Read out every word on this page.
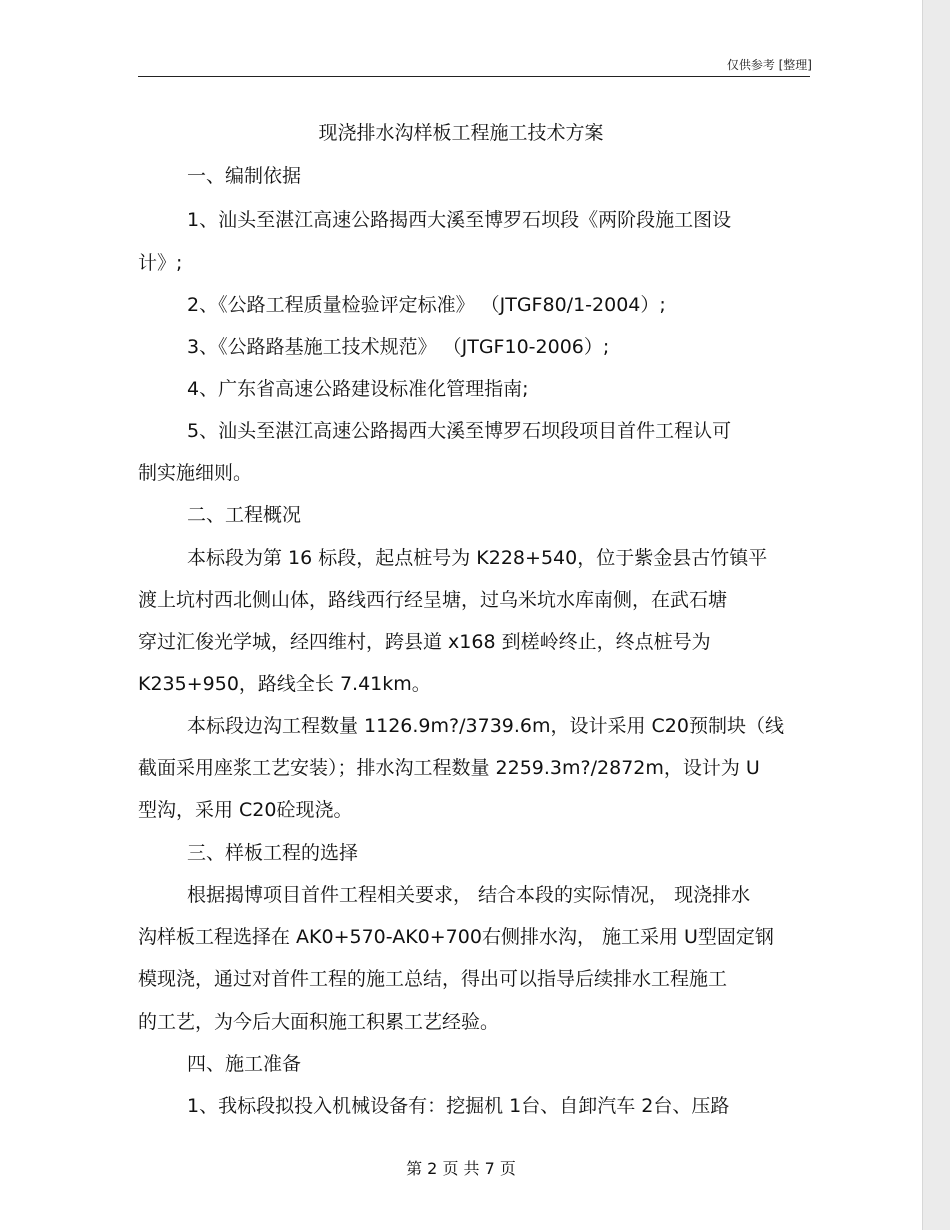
仅供参考 [整理]
现浇排水沟样板工程施工技术方案
一、编制依据
1、汕头至湛江高速公路揭西大溪至博罗石坝段《两阶段施工图设
计》;
2、《公路工程质量检验评定标准》 （JTGF80/1-2004）;
3、《公路路基施工技术规范》 （JTGF10-2006）;
4、广东省高速公路建设标准化管理指南;
5、汕头至湛江高速公路揭西大溪至博罗石坝段项目首件工程认可
制实施细则。
二、工程概况
本标段为第 16 标段，起点桩号为 K228+540，位于紫金县古竹镇平
渡上坑村西北侧山体，路线西行经呈塘，过乌米坑水库南侧，在武石塘
穿过汇俊光学城，经四维村，跨县道 x168 到槎岭终止，终点桩号为
K235+950，路线全长 7.41km。
本标段边沟工程数量 1126.9m?/3739.6m，设计采用 C20预制块（线
截面采用座浆工艺安装）；排水沟工程数量 2259.3m?/2872m，设计为 U
型沟，采用 C20砼现浇。
三、样板工程的选择
根据揭博项目首件工程相关要求， 结合本段的实际情况， 现浇排水
沟样板工程选择在 AK0+570-AK0+700右侧排水沟， 施工采用 U型固定钢
模现浇，通过对首件工程的施工总结，得出可以指导后续排水工程施工
的工艺，为今后大面积施工积累工艺经验。
四、施工准备
1、我标段拟投入机械设备有：挖掘机 1台、自卸汽车 2台、压路
第 2 页 共 7 页
